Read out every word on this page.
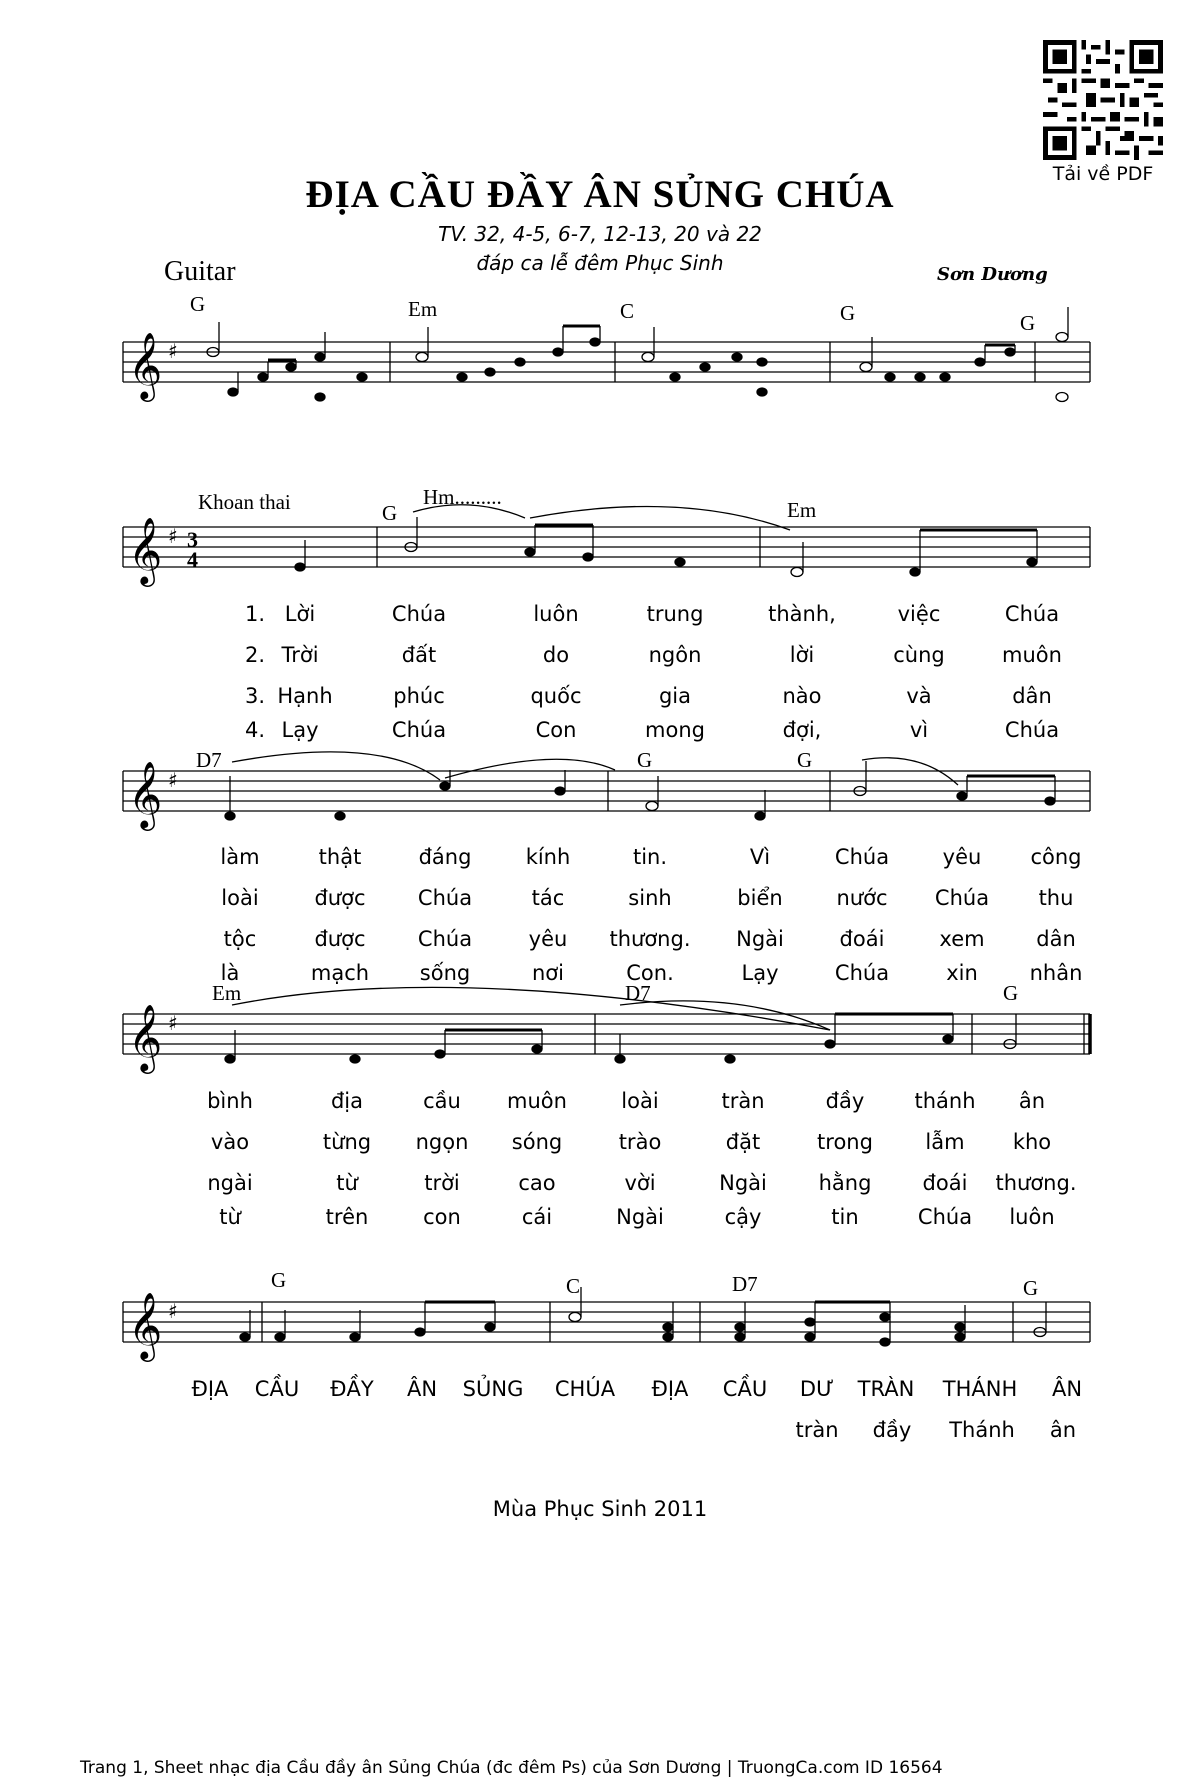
ĐỊA CẦU ĐẦY ÂN SỦNG CHÚA
TV. 32, 4-5, 6-7, 12-13, 20 và 22
đáp ca lễ đêm Phục Sinh
Guitar	Sơn Dương
Tải về PDF
𝄞 ♯
𝄞 ♯ 3
4
𝄞 ♯
𝄞 ♯
𝄞 ♯
Khoan thai	Hm.........
G	Em	C	G	G
G	Em
D7	G	G
Em	D7	G
G	C	D7	G
1. Lời	Chúa	luôn	trung	thành,	việc	Chúa
2. Trời	đất	do	ngôn	lời	cùng	muôn
3. Hạnh	phúc	quốc	gia	nào	và	dân
4. Lạy	Chúa	Con	mong	đợi,	vì	Chúa
làm	thật	đáng	kính	tin.	Vì	Chúa	yêu công
loài	được Chúa	tác	sinh	biển	nước Chúa thu
tộc	được Chúa	yêu thương. Ngài	đoái	xem dân
là	mạch sống	nơi	Con.	Lạy	Chúa	xin nhân
bình	địa	cầu muôn	loài	tràn	đầy thánh ân
vào	từng ngọn sóng	trào	đặt	trong lẫm kho
ngài	từ	trời	cao	vời	Ngài hằng đoái thương.
từ	trên	con	cái	Ngài	cậy	tin	Chúa luôn
ĐỊA CẦU ĐẦY ÂN SỦNG CHÚA ĐỊA CẦU DƯ TRÀN THÁNH ÂN
tràn đầy Thánh ân
Mùa Phục Sinh 2011
Trang 1, Sheet nhạc địa Cầu đầy ân Sủng Chúa (đc đêm Ps) của Sơn Dương | TruongCa.com ID 16564
